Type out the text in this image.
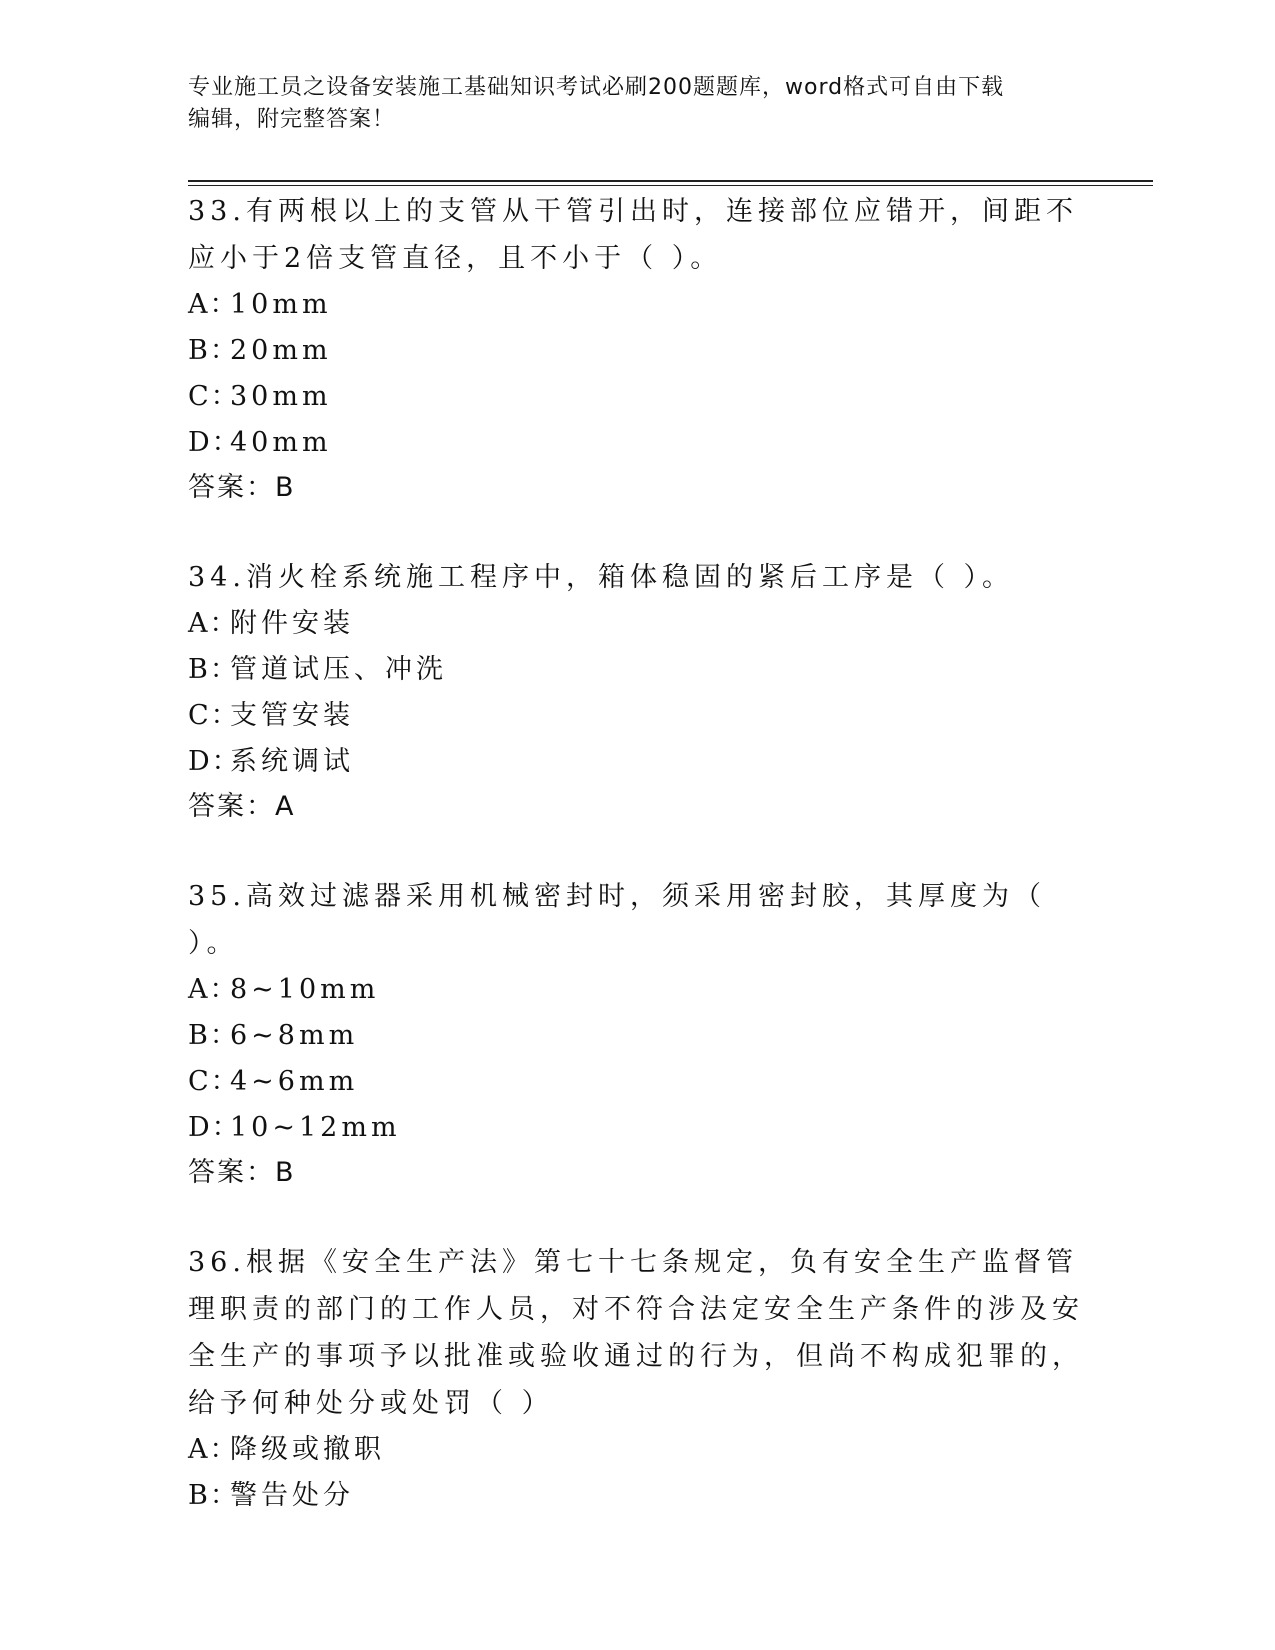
专业施工员之设备安装施工基础知识考试必刷200题题库，word格式可自由下载
编辑，附完整答案！

33.有两根以上的支管从干管引出时，连接部位应错开，间距不应小于2倍支管直径，且不小于（ ）。

A：
10mm
B：
20mm
C：
30mm
D：
40mm
答案：B

34.消火栓系统施工程序中，箱体稳固的紧后工序是（ ）。

A：
附件安装
B：
管道试压、冲洗
C：
支管安装
D：
系统调试
答案：A

35.高效过滤器采用机械密封时，须采用密封胶，其厚度为（ ）。

A：
8~10mm
B：
6~8mm
C：
4~6mm
D：
10~12mm
答案：B

36.根据《安全生产法》第七十七条规定，负有安全生产监督管理职责的部门的工作人员，对不符合法定安全生产条件的涉及安全生产的事项予以批准或验收通过的行为，但尚不构成犯罪的，给予何种处分或处罚（ ）

A：
降级或撤职
B：
警告处分
